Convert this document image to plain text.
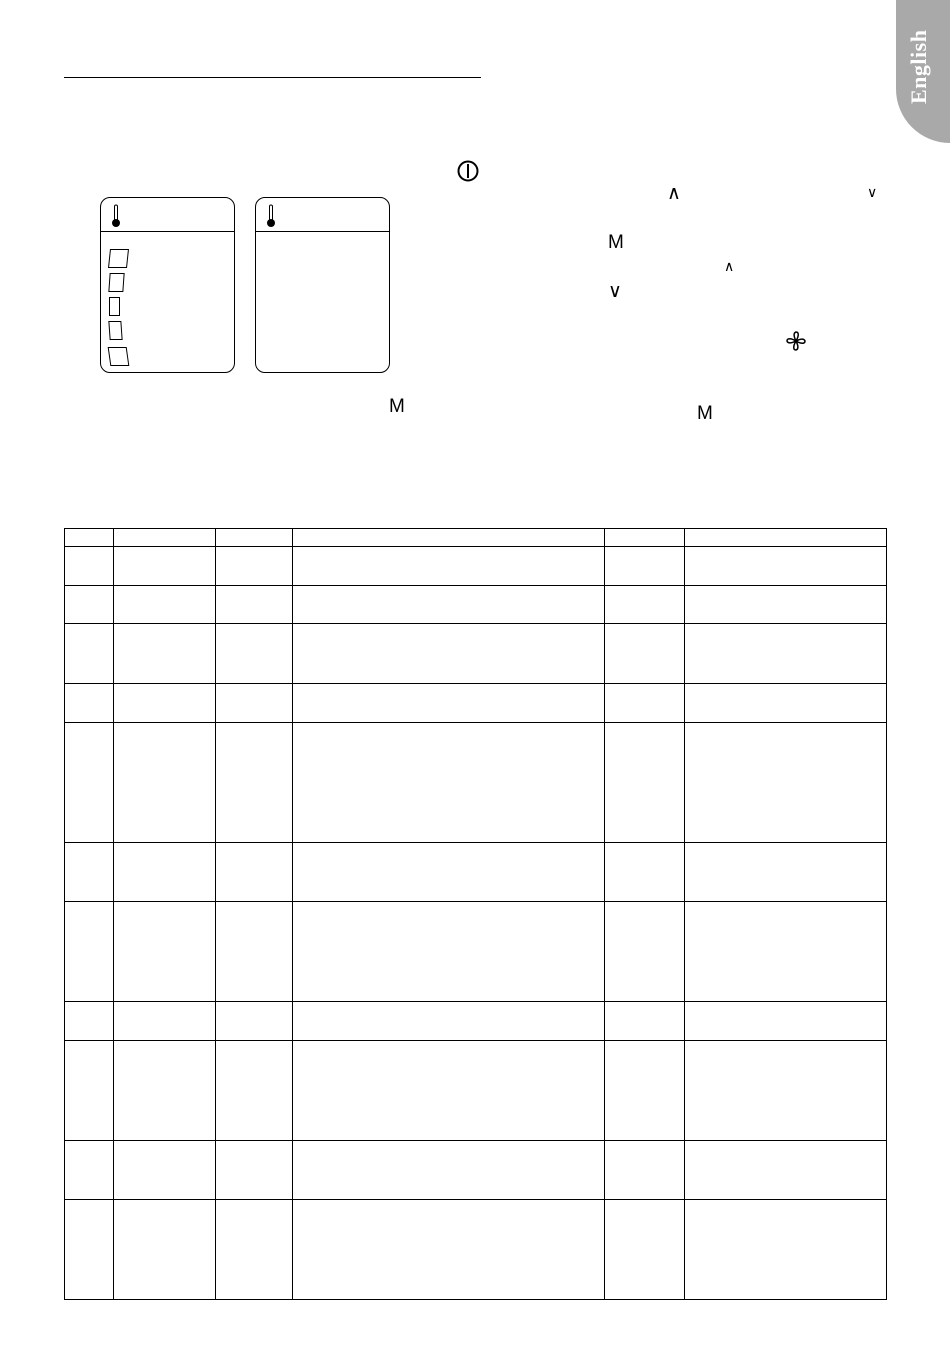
English
∧	∨
M
∧
∨
M	M
